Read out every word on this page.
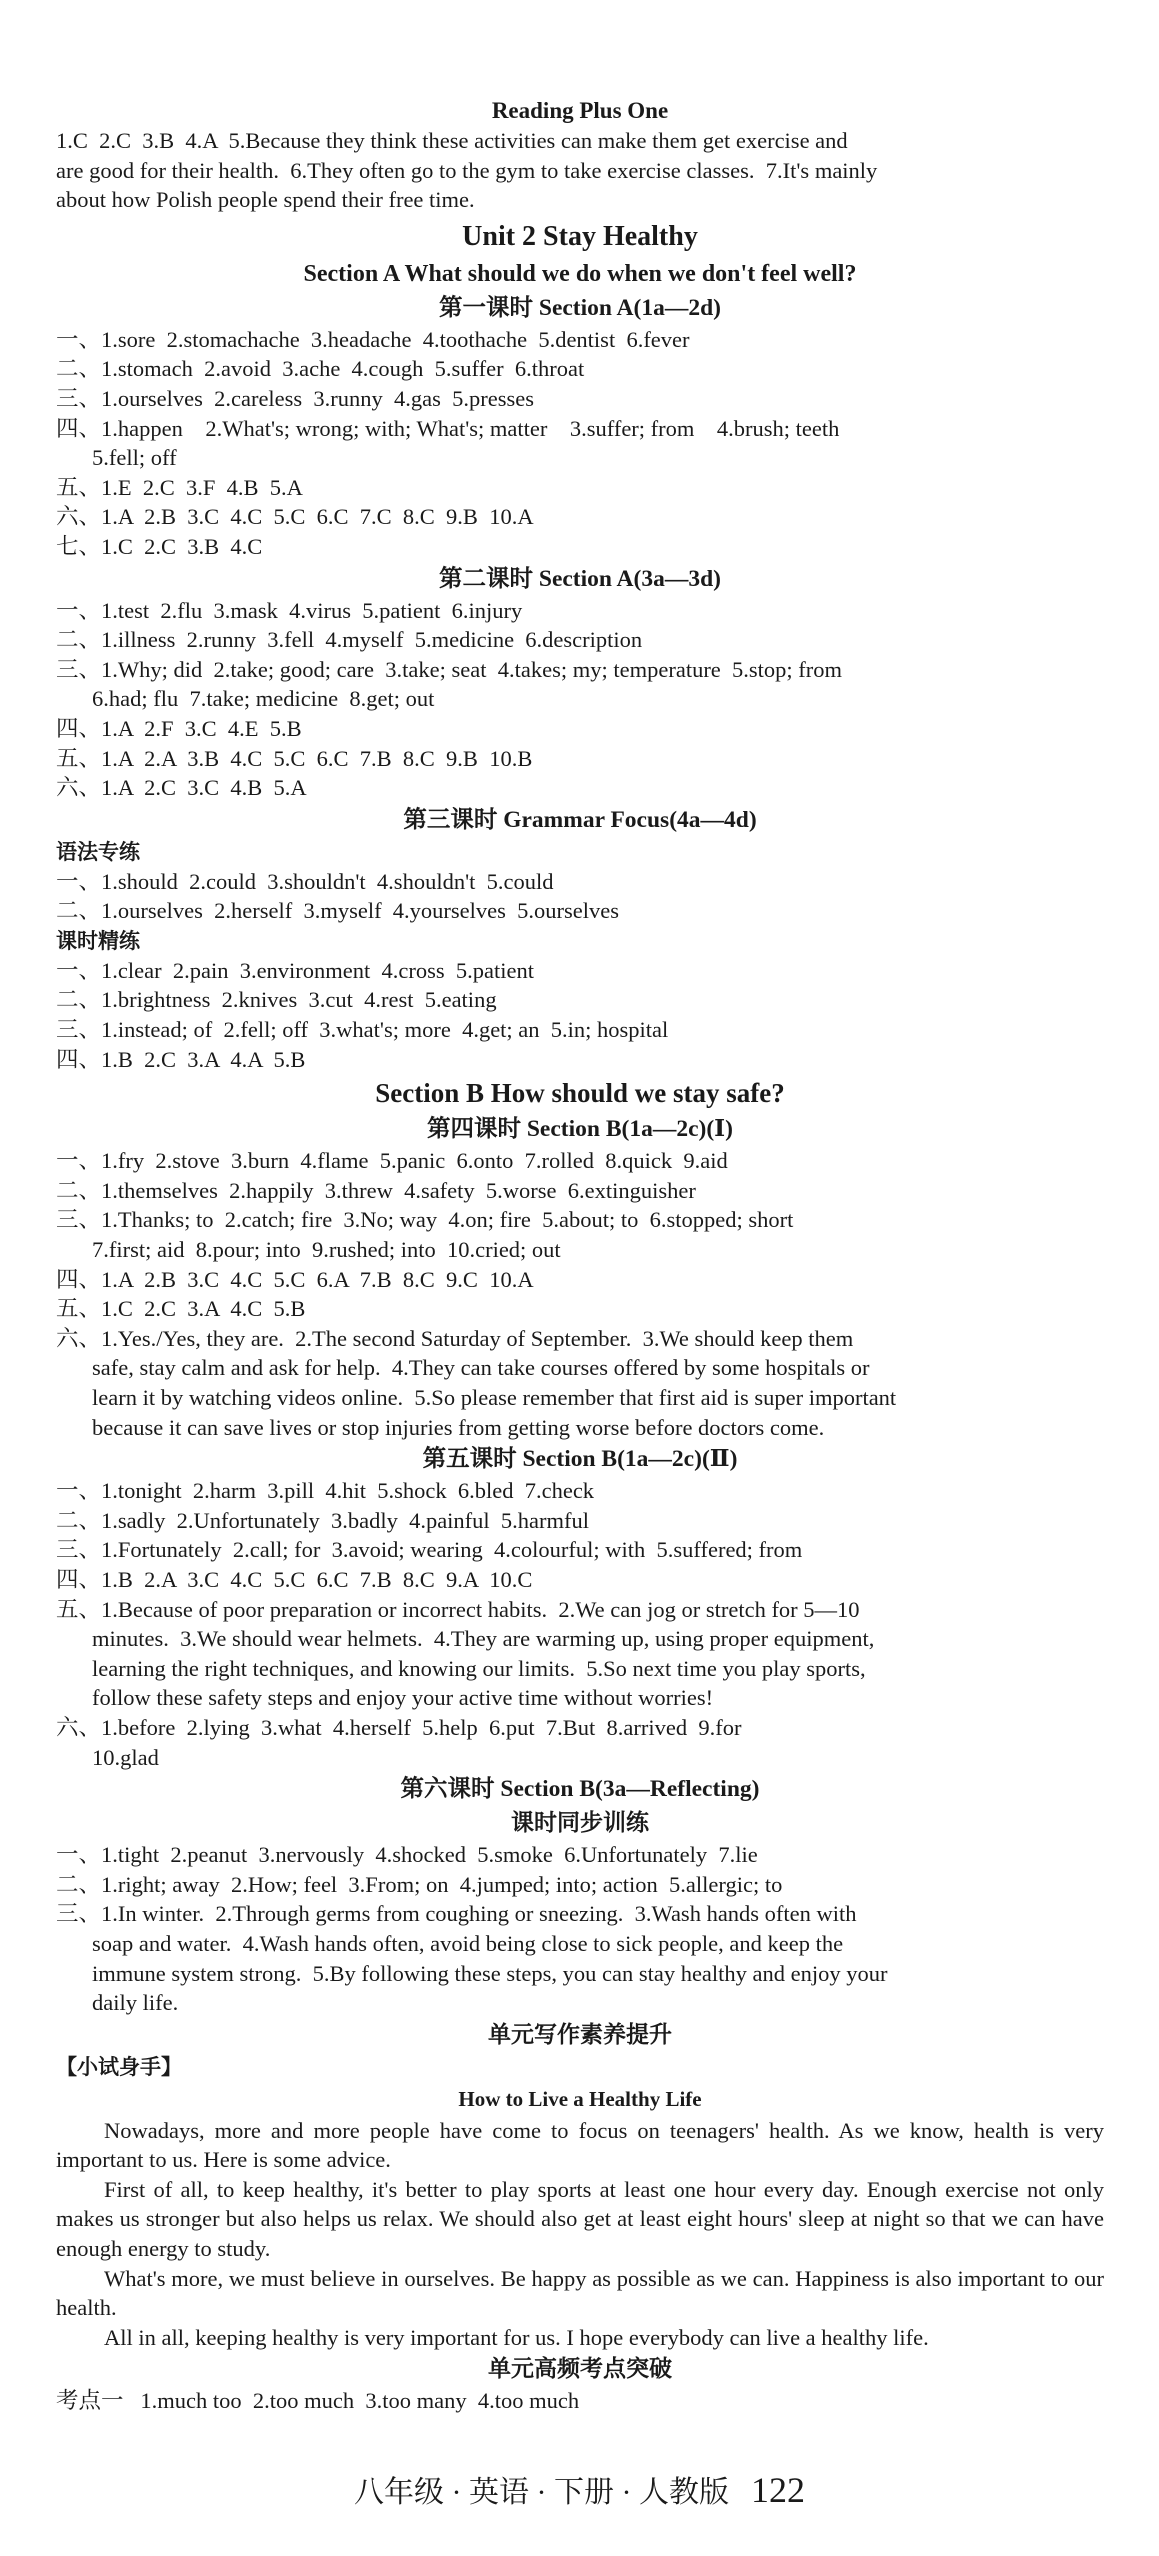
Reading Plus One
1.C  2.C  3.B  4.A  5.Because they think these activities can make them get exercise and
are good for their health.  6.They often go to the gym to take exercise classes.  7.It's mainly
about how Polish people spend their free time.
Unit 2 Stay Healthy
Section A What should we do when we don't feel well?
第一课时 Section A(1a—2d)
一、1.sore  2.stomachache  3.headache  4.toothache  5.dentist  6.fever
二、1.stomach  2.avoid  3.ache  4.cough  5.suffer  6.throat
三、1.ourselves  2.careless  3.runny  4.gas  5.presses
四、1.happen    2.What's; wrong; with; What's; matter    3.suffer; from    4.brush; teeth
5.fell; off
五、1.E  2.C  3.F  4.B  5.A
六、1.A  2.B  3.C  4.C  5.C  6.C  7.C  8.C  9.B  10.A
七、1.C  2.C  3.B  4.C
第二课时 Section A(3a—3d)
一、1.test  2.flu  3.mask  4.virus  5.patient  6.injury
二、1.illness  2.runny  3.fell  4.myself  5.medicine  6.description
三、1.Why; did  2.take; good; care  3.take; seat  4.takes; my; temperature  5.stop; from
6.had; flu  7.take; medicine  8.get; out
四、1.A  2.F  3.C  4.E  5.B
五、1.A  2.A  3.B  4.C  5.C  6.C  7.B  8.C  9.B  10.B
六、1.A  2.C  3.C  4.B  5.A
第三课时 Grammar Focus(4a—4d)
语法专练
一、1.should  2.could  3.shouldn't  4.shouldn't  5.could
二、1.ourselves  2.herself  3.myself  4.yourselves  5.ourselves
课时精练
一、1.clear  2.pain  3.environment  4.cross  5.patient
二、1.brightness  2.knives  3.cut  4.rest  5.eating
三、1.instead; of  2.fell; off  3.what's; more  4.get; an  5.in; hospital
四、1.B  2.C  3.A  4.A  5.B
Section B How should we stay safe?
第四课时 Section B(1a—2c)(Ⅰ)
一、1.fry  2.stove  3.burn  4.flame  5.panic  6.onto  7.rolled  8.quick  9.aid
二、1.themselves  2.happily  3.threw  4.safety  5.worse  6.extinguisher
三、1.Thanks; to  2.catch; fire  3.No; way  4.on; fire  5.about; to  6.stopped; short
7.first; aid  8.pour; into  9.rushed; into  10.cried; out
四、1.A  2.B  3.C  4.C  5.C  6.A  7.B  8.C  9.C  10.A
五、1.C  2.C  3.A  4.C  5.B
六、1.Yes./Yes, they are.  2.The second Saturday of September.  3.We should keep them
safe, stay calm and ask for help.  4.They can take courses offered by some hospitals or
learn it by watching videos online.  5.So please remember that first aid is super important
because it can save lives or stop injuries from getting worse before doctors come.
第五课时 Section B(1a—2c)(Ⅱ)
一、1.tonight  2.harm  3.pill  4.hit  5.shock  6.bled  7.check
二、1.sadly  2.Unfortunately  3.badly  4.painful  5.harmful
三、1.Fortunately  2.call; for  3.avoid; wearing  4.colourful; with  5.suffered; from
四、1.B  2.A  3.C  4.C  5.C  6.C  7.B  8.C  9.A  10.C
五、1.Because of poor preparation or incorrect habits.  2.We can jog or stretch for 5—10
minutes.  3.We should wear helmets.  4.They are warming up, using proper equipment,
learning the right techniques, and knowing our limits.  5.So next time you play sports,
follow these safety steps and enjoy your active time without worries!
六、1.before  2.lying  3.what  4.herself  5.help  6.put  7.But  8.arrived  9.for
10.glad
第六课时 Section B(3a—Reflecting)
课时同步训练
一、1.tight  2.peanut  3.nervously  4.shocked  5.smoke  6.Unfortunately  7.lie
二、1.right; away  2.How; feel  3.From; on  4.jumped; into; action  5.allergic; to
三、1.In winter.  2.Through germs from coughing or sneezing.  3.Wash hands often with
soap and water.  4.Wash hands often, avoid being close to sick people, and keep the
immune system strong.  5.By following these steps, you can stay healthy and enjoy your
daily life.
单元写作素养提升
【小试身手】
How to Live a Healthy Life
Nowadays, more and more people have come to focus on teenagers' health. As we know, health is very important to us. Here is some advice.
First of all, to keep healthy, it's better to play sports at least one hour every day. Enough exercise not only makes us stronger but also helps us relax. We should also get at least eight hours' sleep at night so that we can have enough energy to study.
What's more, we must believe in ourselves. Be happy as possible as we can. Happiness is also important to our health.
All in all, keeping healthy is very important for us. I hope everybody can live a healthy life.
单元高频考点突破
考点一   1.much too  2.too much  3.too many  4.too much
八年级 · 英语 · 下册 · 人教版 122
